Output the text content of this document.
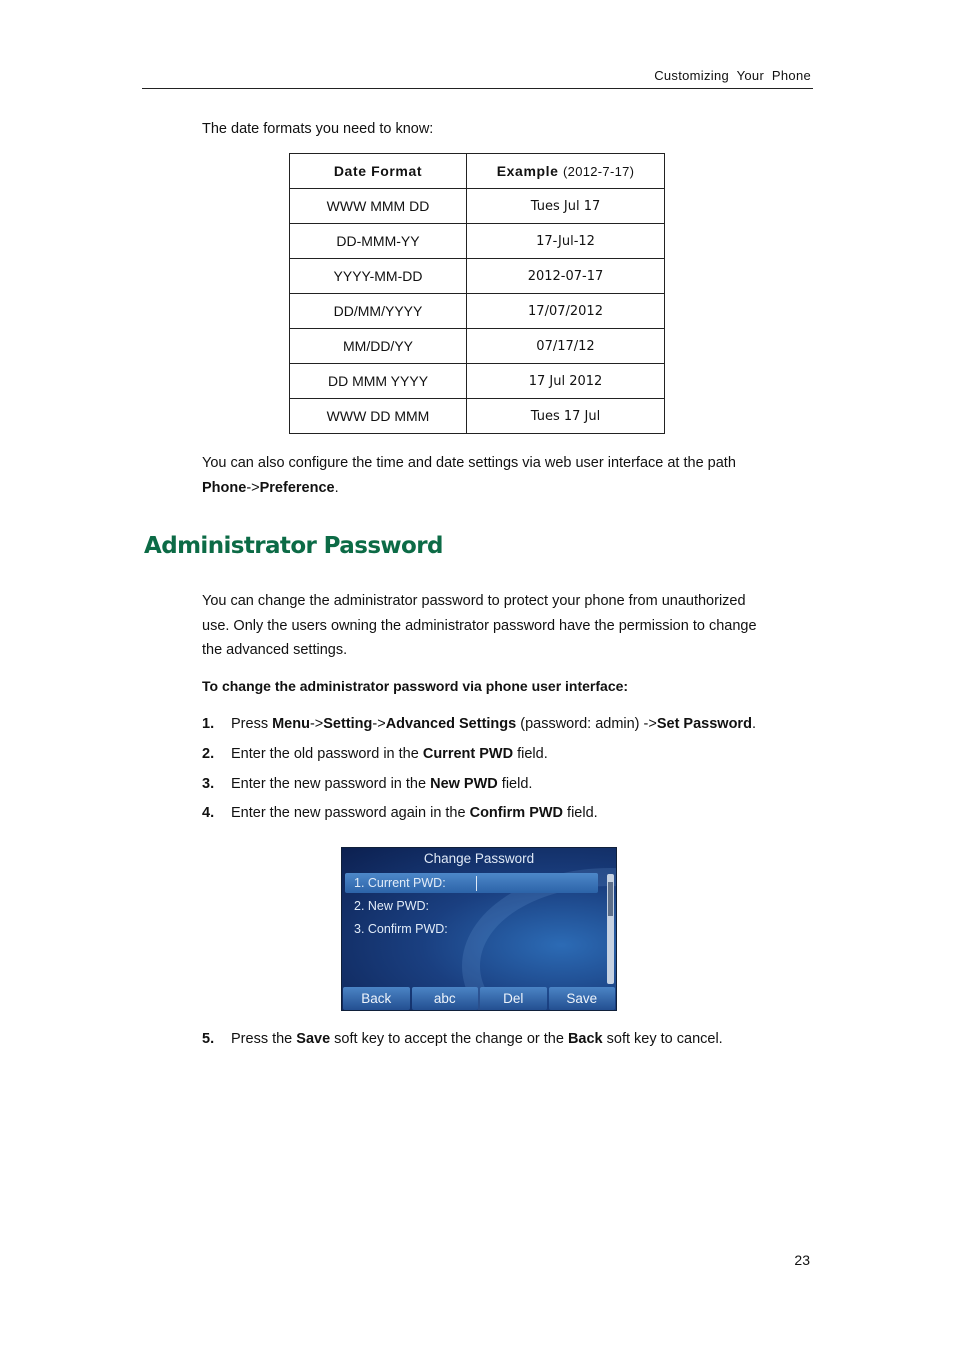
Customizing  Your  Phone
The date formats you need to know:
Date Format	Example (2012-7-17)
WWW MMM DD	Tues Jul 17
DD-MMM-YY	17-Jul-12
YYYY-MM-DD	2012-07-17
DD/MM/YYYY	17/07/2012
MM/DD/YY	07/17/12
DD MMM YYYY	17 Jul 2012
WWW DD MMM	Tues 17 Jul
You can also configure the time and date settings via web user interface at the path
Phone->Preference.
Administrator Password
You can change the administrator password to protect your phone from unauthorized
use. Only the users owning the administrator password have the permission to change
the advanced settings.
To change the administrator password via phone user interface:
1. Press Menu->Setting->Advanced Settings (password: admin) ->Set Password.
2. Enter the old password in the Current PWD field.
3. Enter the new password in the New PWD field.
4. Enter the new password again in the Confirm PWD field.
Change Password
1. Current PWD:
2. New PWD:
3. Confirm PWD:
Back	abc	Del	Save
5. Press the Save soft key to accept the change or the Back soft key to cancel.
23
